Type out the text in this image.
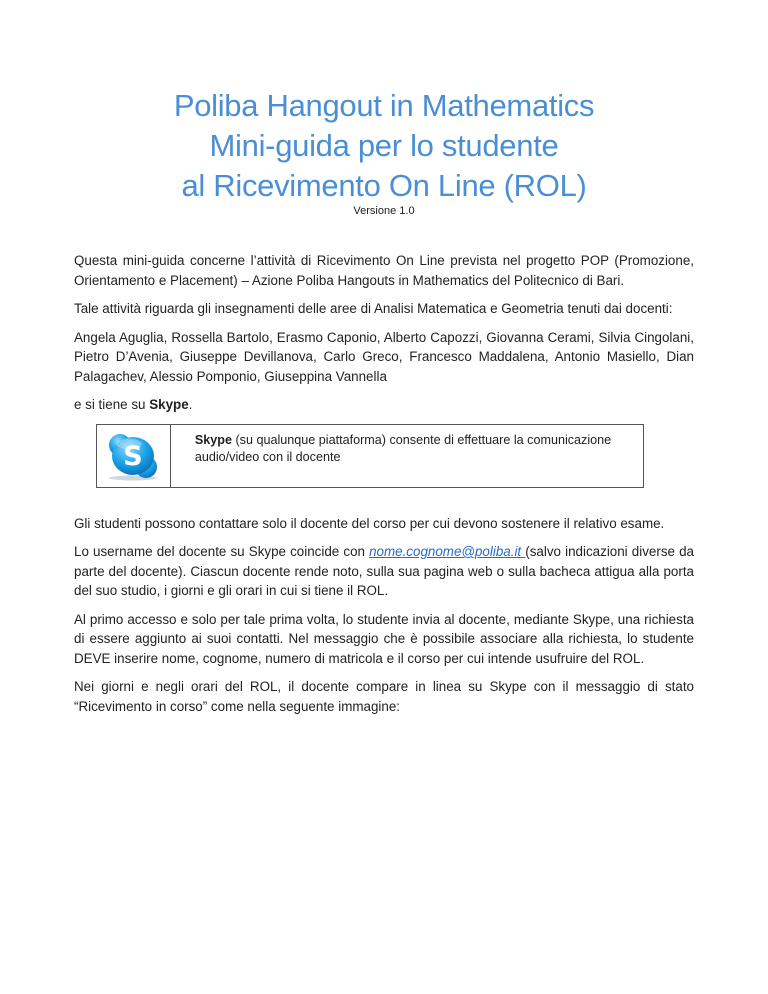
Poliba Hangout in Mathematics
Mini-guida per lo studente
al Ricevimento On Line (ROL)
Versione 1.0

Questa mini-guida concerne l’attività di Ricevimento On Line prevista nel progetto POP (Promozione, Orientamento e Placement) – Azione Poliba Hangouts in Mathematics del Politecnico di Bari.

Tale attività riguarda gli insegnamenti delle aree di Analisi Matematica e Geometria tenuti dai docenti:

Angela Aguglia, Rossella Bartolo, Erasmo Caponio, Alberto Capozzi, Giovanna Cerami, Silvia Cingolani, Pietro D’Avenia, Giuseppe Devillanova, Carlo Greco, Francesco Maddalena, Antonio Masiello, Dian Palagachev, Alessio Pomponio, Giuseppina Vannella

e si tiene su Skype.

S
Skype (su qualunque piattaforma) consente di effettuare la comunicazione audio/video con il docente

Gli studenti possono contattare solo il docente del corso per cui devono sostenere il relativo esame.

Lo username del docente su Skype coincide con nome.cognome@poliba.it (salvo indicazioni diverse da parte del docente). Ciascun docente rende noto, sulla sua pagina web o sulla bacheca attigua alla porta del suo studio, i giorni e gli orari in cui si tiene il ROL.

Al primo accesso e solo per tale prima volta, lo studente invia al docente, mediante Skype, una richiesta di essere aggiunto ai suoi contatti. Nel messaggio che è possibile associare alla richiesta, lo studente DEVE inserire nome, cognome, numero di matricola e il corso per cui intende usufruire del ROL.

Nei giorni e negli orari del ROL, il docente compare in linea su Skype con il messaggio di stato “Ricevimento in corso” come nella seguente immagine:
